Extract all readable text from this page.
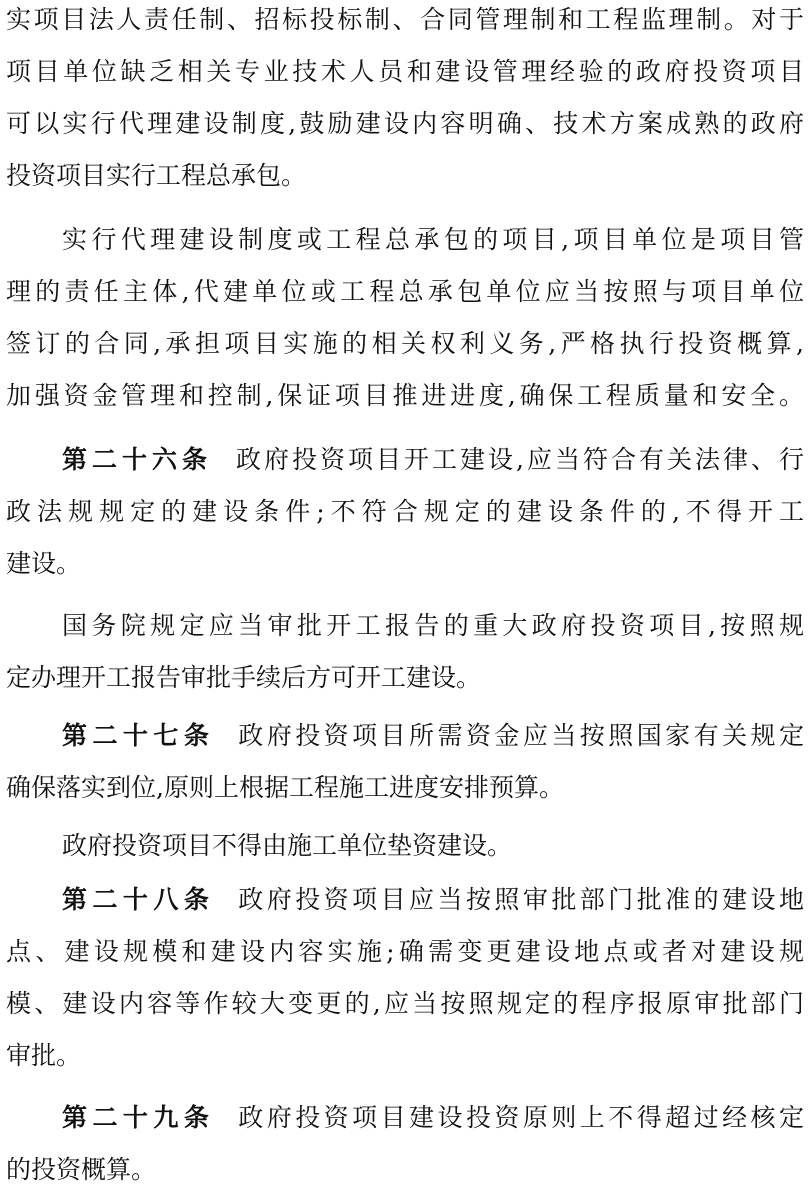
实项目法人责任制、招标投标制、合同管理制和工程监理制。对于
项目单位缺乏相关专业技术人员和建设管理经验的政府投资项目
可以实行代理建设制度,鼓励建设内容明确、技术方案成熟的政府
投资项目实行工程总承包。
实行代理建设制度或工程总承包的项目,项目单位是项目管
理的责任主体,代建单位或工程总承包单位应当按照与项目单位
签订的合同,承担项目实施的相关权利义务,严格执行投资概算,
加强资金管理和控制,保证项目推进进度,确保工程质量和安全。
第二十六条 政府投资项目开工建设,应当符合有关法律、行
政法规规定的建设条件;不符合规定的建设条件的,不得开工
建设。
国务院规定应当审批开工报告的重大政府投资项目,按照规
定办理开工报告审批手续后方可开工建设。
第二十七条 政府投资项目所需资金应当按照国家有关规定
确保落实到位,原则上根据工程施工进度安排预算。
政府投资项目不得由施工单位垫资建设。
第二十八条 政府投资项目应当按照审批部门批准的建设地
点、建设规模和建设内容实施;确需变更建设地点或者对建设规
模、建设内容等作较大变更的,应当按照规定的程序报原审批部门
审批。
第二十九条 政府投资项目建设投资原则上不得超过经核定
的投资概算。
